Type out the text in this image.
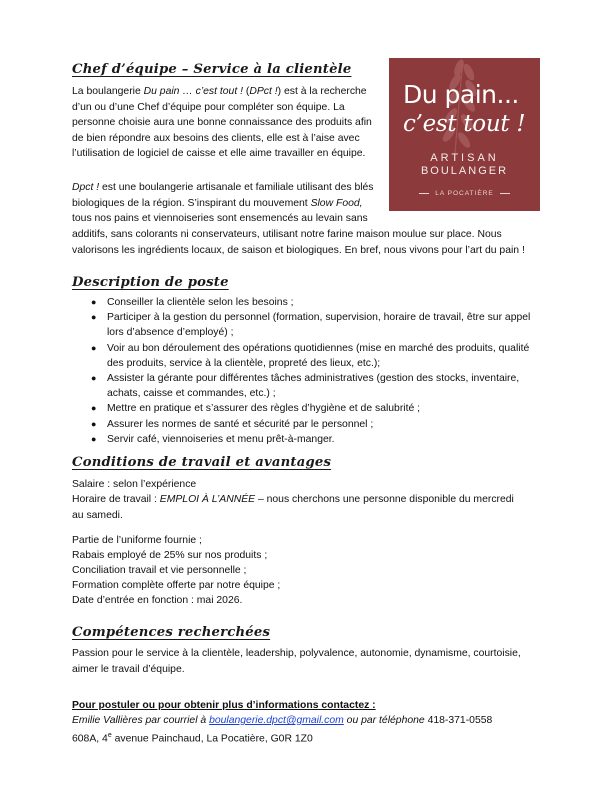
Chef d’équipe – Service à la clientèle
La boulangerie Du pain … c’est tout ! (DPct !) est à la recherche d’un ou d’une Chef d’équipe pour compléter son équipe. La personne choisie aura une bonne connaissance des produits afin de bien répondre aux besoins des clients, elle est à l’aise avec l’utilisation de logiciel de caisse et elle aime travailler en équipe.
Dpct ! est une boulangerie artisanale et familiale utilisant des blés biologiques de la région. S’inspirant du mouvement Slow Food, tous nos pains et viennoiseries sont ensemencés au levain sans
additifs, sans colorants ni conservateurs, utilisant notre farine maison moulue sur place. Nous valorisons les ingrédients locaux, de saison et biologiques. En bref, nous vivons pour l’art du pain !
Du pain...
c’est tout !
ARTISAN
BOULANGER
LA POCATIÈRE
Description de poste
● Conseiller la clientèle selon les besoins ;
● Participer à la gestion du personnel (formation, supervision, horaire de travail, être sur appel lors d’absence d’employé) ;
● Voir au bon déroulement des opérations quotidiennes (mise en marché des produits, qualité des produits, service à la clientèle, propreté des lieux, etc.);
● Assister la gérante pour différentes tâches administratives (gestion des stocks, inventaire, achats, caisse et commandes, etc.) ;
● Mettre en pratique et s’assurer des règles d’hygiène et de salubrité ;
● Assurer les normes de santé et sécurité par le personnel ;
● Servir café, viennoiseries et menu prêt-à-manger.
Conditions de travail et avantages
Salaire : selon l’expérience
Horaire de travail : EMPLOI À L’ANNÉE – nous cherchons une personne disponible du mercredi au samedi.
Partie de l’uniforme fournie ;
Rabais employé de 25% sur nos produits ;
Conciliation travail et vie personnelle ;
Formation complète offerte par notre équipe ;
Date d’entrée en fonction : mai 2026.
Compétences recherchées
Passion pour le service à la clientèle, leadership, polyvalence, autonomie, dynamisme, courtoisie, aimer le travail d’équipe.
Pour postuler ou pour obtenir plus d’informations contactez :
Emilie Vallières par courriel à boulangerie.dpct@gmail.com ou par téléphone 418-371-0558
608A, 4e avenue Painchaud, La Pocatière, G0R 1Z0
